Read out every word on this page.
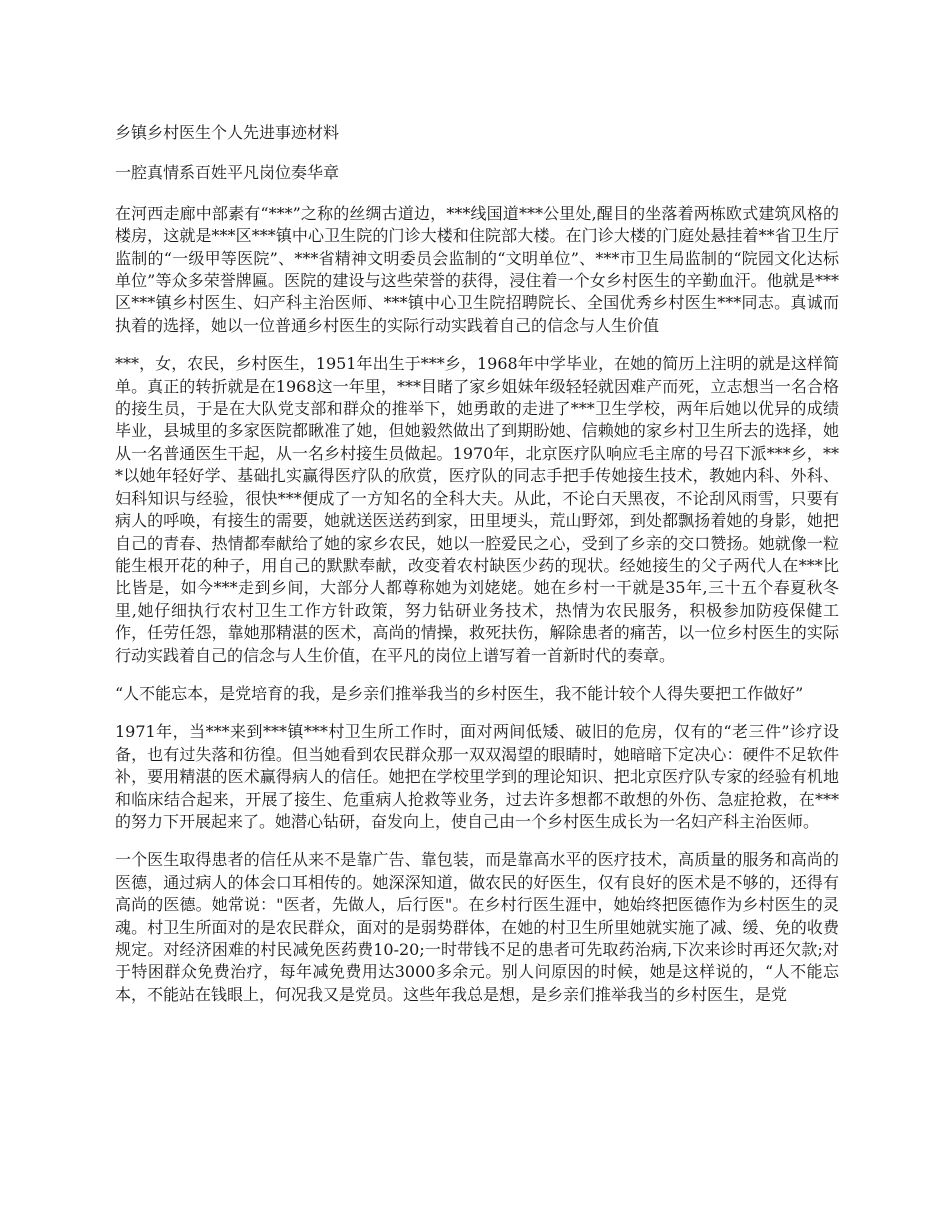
乡镇乡村医生个人先进事迹材料

一腔真情系百姓平凡岗位奏华章

在河西走廊中部素有“***”之称的丝绸古道边，***线国道***公里处,醒目的坐落着两栋欧式建筑风格的楼房，这就是***区***镇中心卫生院的门诊大楼和住院部大楼。在门诊大楼的门庭处悬挂着**省卫生厅监制的“一级甲等医院”、***省精神文明委员会监制的“文明单位”、***市卫生局监制的“院园文化达标单位”等众多荣誉牌匾。医院的建设与这些荣誉的获得，浸住着一个女乡村医生的辛勤血汗。他就是***区***镇乡村医生、妇产科主治医师、***镇中心卫生院招聘院长、全国优秀乡村医生***同志。真诚而执着的选择，她以一位普通乡村医生的实际行动实践着自己的信念与人生价值

***，女，农民，乡村医生，1951年出生于***乡，1968年中学毕业，在她的简历上注明的就是这样简单。真正的转折就是在1968这一年里，***目睹了家乡姐妹年级轻轻就因难产而死，立志想当一名合格的接生员，于是在大队党支部和群众的推举下，她勇敢的走进了***卫生学校，两年后她以优异的成绩毕业，县城里的多家医院都瞅准了她，但她毅然做出了到期盼她、信赖她的家乡村卫生所去的选择，她从一名普通医生干起，从一名乡村接生员做起。1970年，北京医疗队响应毛主席的号召下派***乡，***以她年轻好学、基础扎实赢得医疗队的欣赏，医疗队的同志手把手传她接生技术，教她内科、外科、妇科知识与经验，很快***便成了一方知名的全科大夫。从此，不论白天黑夜，不论刮风雨雪，只要有病人的呼唤，有接生的需要，她就送医送药到家，田里埂头，荒山野郊，到处都飘扬着她的身影，她把自己的青春、热情都奉献给了她的家乡农民，她以一腔爱民之心，受到了乡亲的交口赞扬。她就像一粒能生根开花的种子，用自己的默默奉献，改变着农村缺医少药的现状。经她接生的父子两代人在***比比皆是，如今***走到乡间，大部分人都尊称她为刘姥姥。她在乡村一干就是35年,三十五个春夏秋冬里,她仔细执行农村卫生工作方针政策，努力钻研业务技术，热情为农民服务，积极参加防疫保健工作，任劳任怨，靠她那精湛的医术，高尚的情操，救死扶伤，解除患者的痛苦，以一位乡村医生的实际行动实践着自己的信念与人生价值，在平凡的岗位上谱写着一首新时代的奏章。

“人不能忘本，是党培育的我，是乡亲们推举我当的乡村医生，我不能计较个人得失要把工作做好”

1971年，当***来到***镇***村卫生所工作时，面对两间低矮、破旧的危房，仅有的“老三件”诊疗设备，也有过失落和彷徨。但当她看到农民群众那一双双渴望的眼睛时，她暗暗下定决心：硬件不足软件补，要用精湛的医术赢得病人的信任。她把在学校里学到的理论知识、把北京医疗队专家的经验有机地和临床结合起来，开展了接生、危重病人抢救等业务，过去许多想都不敢想的外伤、急症抢救，在***的努力下开展起来了。她潜心钻研，奋发向上，使自己由一个乡村医生成长为一名妇产科主治医师。

一个医生取得患者的信任从来不是靠广告、靠包装，而是靠高水平的医疗技术，高质量的服务和高尚的医德，通过病人的体会口耳相传的。她深深知道，做农民的好医生，仅有良好的医术是不够的，还得有高尚的医德。她常说："医者，先做人，后行医"。在乡村行医生涯中，她始终把医德作为乡村医生的灵魂。村卫生所面对的是农民群众，面对的是弱势群体，在她的村卫生所里她就实施了减、缓、免的收费规定。对经济困难的村民减免医药费10-20;一时带钱不足的患者可先取药治病,下次来诊时再还欠款;对于特困群众免费治疗，每年减免费用达3000多余元。别人问原因的时候，她是这样说的，“人不能忘本，不能站在钱眼上，何况我又是党员。这些年我总是想，是乡亲们推举我当的乡村医生，是党
